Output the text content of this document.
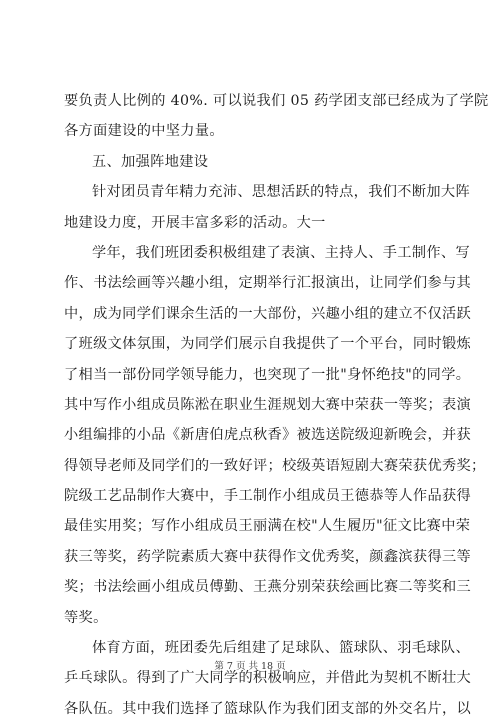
要负责人比例的 40%. 可以说我们 05 药学团支部已经成为了学院
各方面建设的中坚力量。
五、加强阵地建设
针对团员青年精力充沛、思想活跃的特点，我们不断加大阵
地建设力度，开展丰富多彩的活动。大一
学年，我们班团委积极组建了表演、主持人、手工制作、写
作、书法绘画等兴趣小组，定期举行汇报演出，让同学们参与其
中，成为同学们课余生活的一大部份，兴趣小组的建立不仅活跃
了班级文体氛围，为同学们展示自我提供了一个平台，同时锻炼
了相当一部份同学领导能力，也突现了一批"身怀绝技"的同学。
其中写作小组成员陈淞在职业生涯规划大赛中荣获一等奖；表演
小组编排的小品《新唐伯虎点秋香》被选送院级迎新晚会，并获
得领导老师及同学们的一致好评；校级英语短剧大赛荣获优秀奖；
院级工艺品制作大赛中，手工制作小组成员王德恭等人作品获得
最佳实用奖；写作小组成员王丽满在校"人生履历"征文比赛中荣
获三等奖，药学院素质大赛中获得作文优秀奖，颜鑫滨获得三等
奖；书法绘画小组成员傅勤、王燕分别荣获绘画比赛二等奖和三
等奖。
体育方面，班团委先后组建了足球队、篮球队、羽毛球队、
乒乓球队。得到了广大同学的积极响应，并借此为契机不断壮大
各队伍。其中我们选择了篮球队作为我们团支部的外交名片，以
第 7 页 共 18 页
